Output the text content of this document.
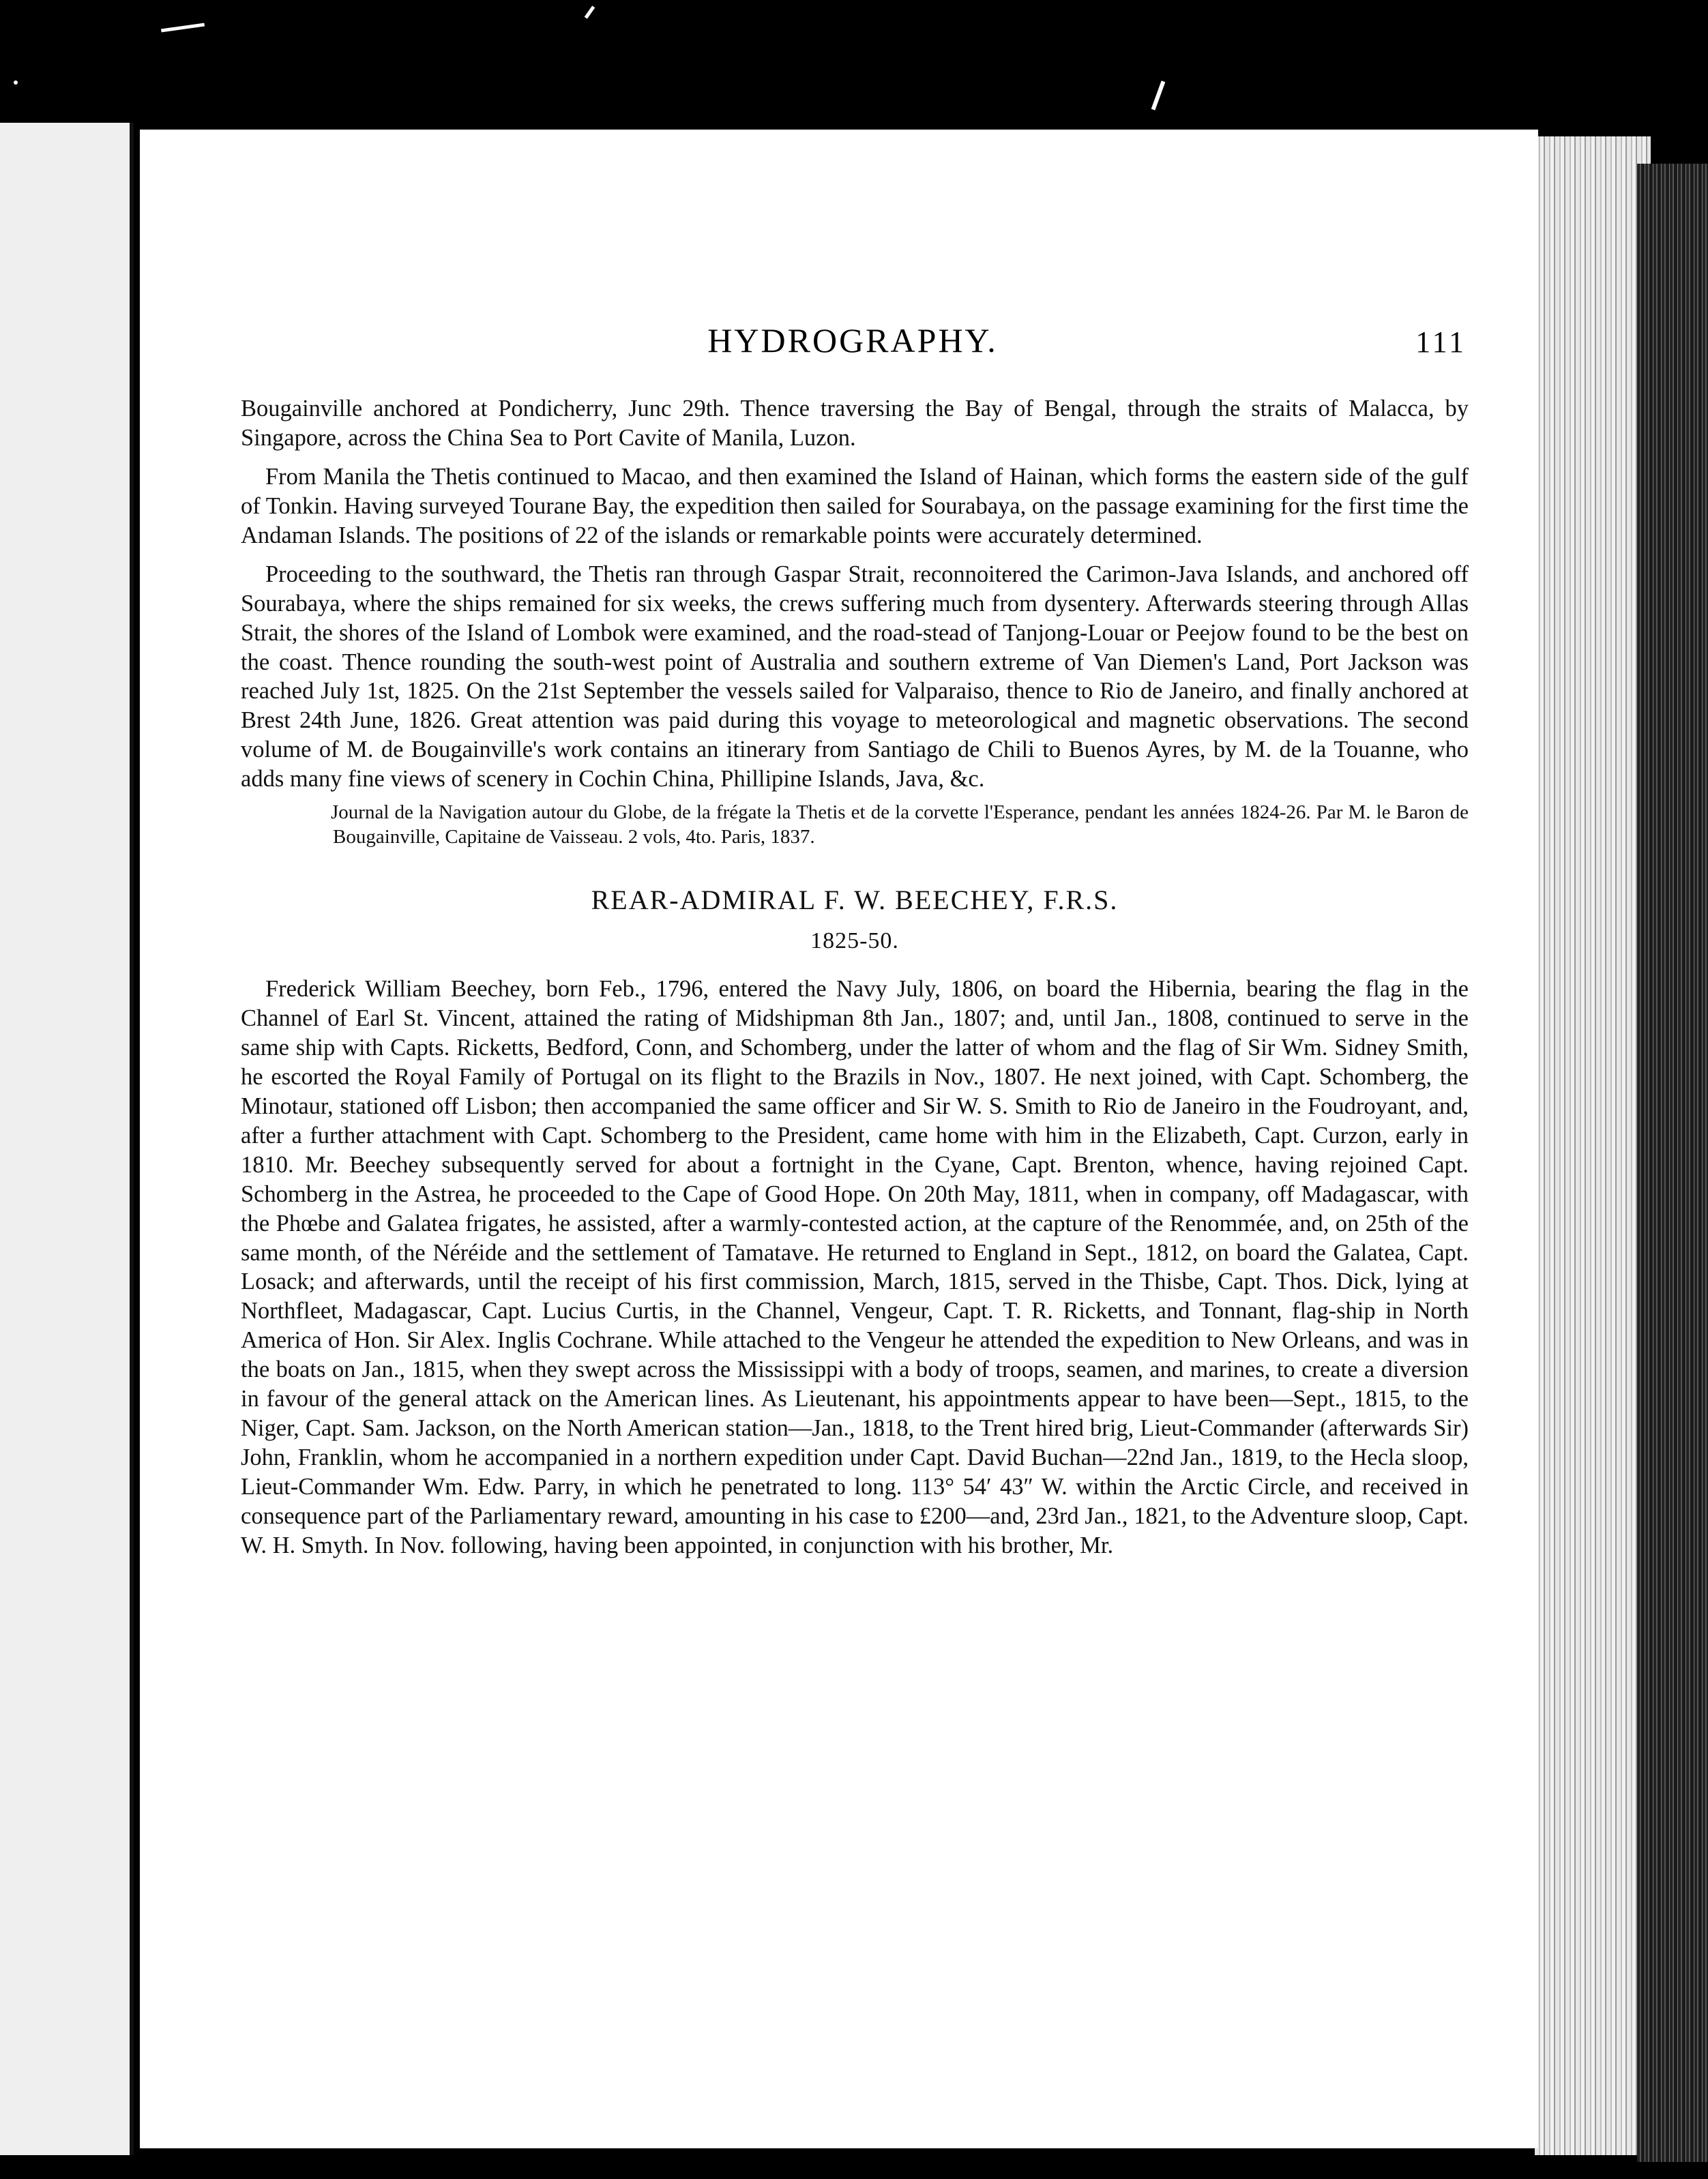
HYDROGRAPHY.	111

Bougainville anchored at Pondicherry, Junc 29th. Thence traversing the Bay of Bengal, through the straits of Malacca, by Singapore, across the China Sea to Port Cavite of Manila, Luzon.

From Manila the Thetis continued to Macao, and then examined the Island of Hainan, which forms the eastern side of the gulf of Tonkin. Having surveyed Tourane Bay, the expedition then sailed for Sourabaya, on the passage examining for the first time the Andaman Islands. The positions of 22 of the islands or remarkable points were accurately determined.

Proceeding to the southward, the Thetis ran through Gaspar Strait, reconnoitered the Carimon-Java Islands, and anchored off Sourabaya, where the ships remained for six weeks, the crews suffering much from dysentery. Afterwards steering through Allas Strait, the shores of the Island of Lombok were examined, and the road-stead of Tanjong-Louar or Peejow found to be the best on the coast. Thence rounding the south-west point of Australia and southern extreme of Van Diemen's Land, Port Jackson was reached July 1st, 1825. On the 21st September the vessels sailed for Valparaiso, thence to Rio de Janeiro, and finally anchored at Brest 24th June, 1826. Great attention was paid during this voyage to meteorological and magnetic observations. The second volume of M. de Bougainville's work contains an itinerary from Santiago de Chili to Buenos Ayres, by M. de la Touanne, who adds many fine views of scenery in Cochin China, Phillipine Islands, Java, &c.

Journal de la Navigation autour du Globe, de la frégate la Thetis et de la corvette l'Esperance, pendant les années 1824-26. Par M. le Baron de Bougainville, Capitaine de Vaisseau. 2 vols, 4to. Paris, 1837.
REAR-ADMIRAL F. W. BEECHEY, F.R.S.
1825-50.

Frederick William Beechey, born Feb., 1796, entered the Navy July, 1806, on board the Hibernia, bearing the flag in the Channel of Earl St. Vincent, attained the rating of Midshipman 8th Jan., 1807; and, until Jan., 1808, continued to serve in the same ship with Capts. Ricketts, Bedford, Conn, and Schomberg, under the latter of whom and the flag of Sir Wm. Sidney Smith, he escorted the Royal Family of Portugal on its flight to the Brazils in Nov., 1807. He next joined, with Capt. Schomberg, the Minotaur, stationed off Lisbon; then accompanied the same officer and Sir W. S. Smith to Rio de Janeiro in the Foudroyant, and, after a further attachment with Capt. Schomberg to the President, came home with him in the Elizabeth, Capt. Curzon, early in 1810. Mr. Beechey subsequently served for about a fortnight in the Cyane, Capt. Brenton, whence, having rejoined Capt. Schomberg in the Astrea, he proceeded to the Cape of Good Hope. On 20th May, 1811, when in company, off Madagascar, with the Phœbe and Galatea frigates, he assisted, after a warmly-contested action, at the capture of the Renommée, and, on 25th of the same month, of the Néréide and the settlement of Tamatave. He returned to England in Sept., 1812, on board the Galatea, Capt. Losack; and afterwards, until the receipt of his first commission, March, 1815, served in the Thisbe, Capt. Thos. Dick, lying at Northfleet, Madagascar, Capt. Lucius Curtis, in the Channel, Vengeur, Capt. T. R. Ricketts, and Tonnant, flag-ship in North America of Hon. Sir Alex. Inglis Cochrane. While attached to the Vengeur he attended the expedition to New Orleans, and was in the boats on Jan., 1815, when they swept across the Mississippi with a body of troops, seamen, and marines, to create a diversion in favour of the general attack on the American lines. As Lieutenant, his appointments appear to have been—Sept., 1815, to the Niger, Capt. Sam. Jackson, on the North American station—Jan., 1818, to the Trent hired brig, Lieut-Commander (afterwards Sir) John, Franklin, whom he accompanied in a northern expedition under Capt. David Buchan—22nd Jan., 1819, to the Hecla sloop, Lieut-Commander Wm. Edw. Parry, in which he penetrated to long. 113° 54′ 43″ W. within the Arctic Circle, and received in consequence part of the Parliamentary reward, amounting in his case to £200—and, 23rd Jan., 1821, to the Adventure sloop, Capt. W. H. Smyth. In Nov. following, having been appointed, in conjunction with his brother, Mr.
